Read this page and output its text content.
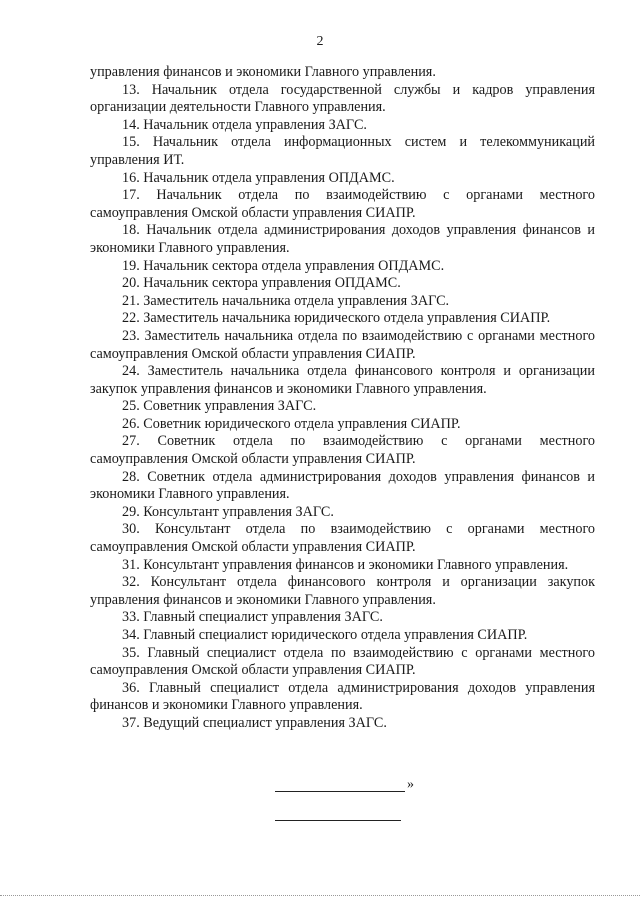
2

управления финансов и экономики Главного управления.

13. Начальник отдела государственной службы и кадров управления организации деятельности Главного управления.

14. Начальник отдела управления ЗАГС.

15. Начальник отдела информационных систем и телекоммуникаций управления ИТ.

16. Начальник отдела управления ОПДАМС.

17. Начальник отдела по взаимодействию с органами местного самоуправления Омской области управления СИАПР.

18. Начальник отдела администрирования доходов управления финансов и экономики Главного управления.

19. Начальник сектора отдела управления ОПДАМС.

20. Начальник сектора управления ОПДАМС.

21. Заместитель начальника отдела управления ЗАГС.

22. Заместитель начальника юридического отдела управления СИАПР.

23. Заместитель начальника отдела по взаимодействию с органами местного самоуправления Омской области управления СИАПР.

24. Заместитель начальника отдела финансового контроля и организации закупок управления финансов и экономики Главного управления.

25. Советник управления ЗАГС.

26. Советник юридического отдела управления СИАПР.

27. Советник отдела по взаимодействию с органами местного самоуправления Омской области управления СИАПР.

28. Советник отдела администрирования доходов управления финансов и экономики Главного управления.

29. Консультант управления ЗАГС.

30. Консультант отдела по взаимодействию с органами местного самоуправления Омской области управления СИАПР.

31. Консультант управления финансов и экономики Главного управления.

32. Консультант отдела финансового контроля и организации закупок управления финансов и экономики Главного управления.

33. Главный специалист управления ЗАГС.

34. Главный специалист юридического отдела управления СИАПР.

35. Главный специалист отдела по взаимодействию с органами местного самоуправления Омской области управления СИАПР.

36. Главный специалист отдела администрирования доходов управления финансов и экономики Главного управления.

37. Ведущий специалист управления ЗАГС.

»
